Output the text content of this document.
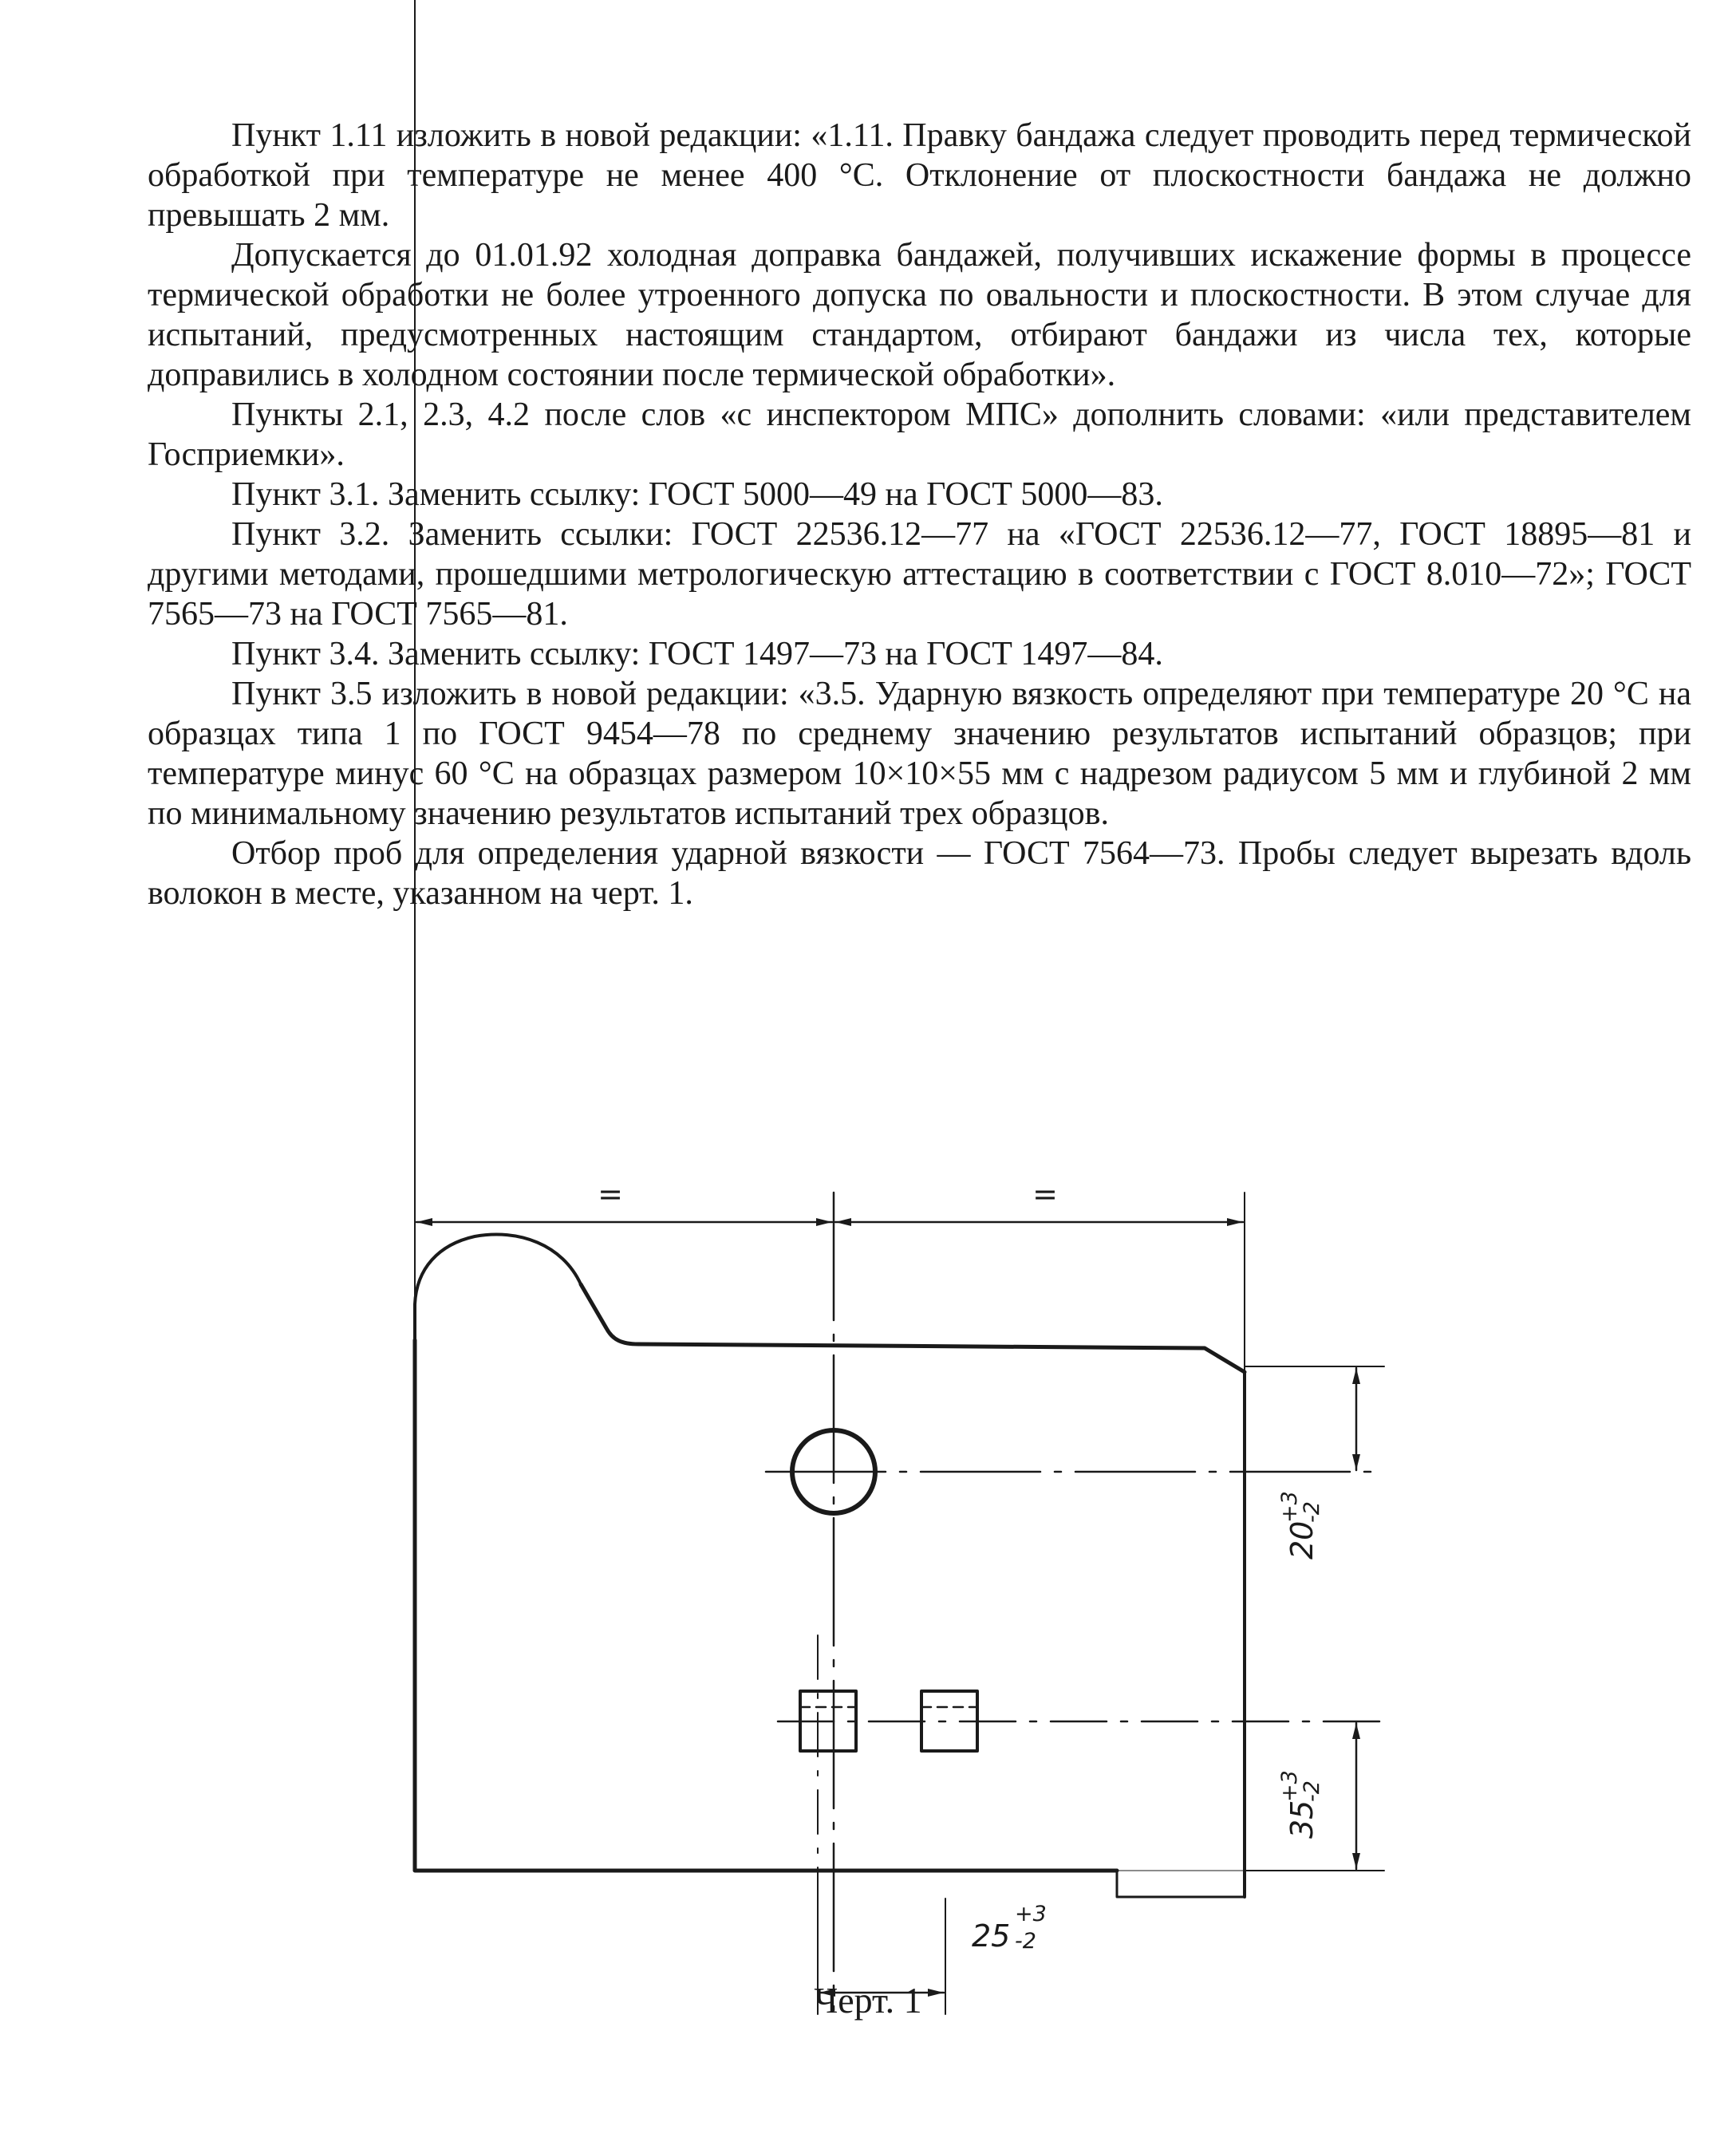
Пункт 1.11 изложить в новой редакции: «1.11. Правку бандажа следует проводить перед термической обработкой при температуре не менее 400 °С. Отклонение от плоскостности бандажа не должно превышать 2 мм.

Допускается до 01.01.92 холодная доправка бандажей, получивших искажение формы в процессе термической обработки не более утроенного допуска по овальности и плоскостности. В этом случае для испытаний, предусмотренных настоящим стандартом, отбирают бандажи из числа тех, которые доправились в холодном состоянии после термической обработки».

Пункты 2.1, 2.3, 4.2 после слов «с инспектором МПС» дополнить словами: «или представителем Госприемки».

Пункт 3.1. Заменить ссылку: ГОСТ 5000—49 на ГОСТ 5000—83.

Пункт 3.2. Заменить ссылки: ГОСТ 22536.12—77 на «ГОСТ 22536.12—77, ГОСТ 18895—81 и другими методами, прошедшими метрологическую аттестацию в соответствии с ГОСТ 8.010—72»; ГОСТ 7565—73 на ГОСТ 7565—81.

Пункт 3.4. Заменить ссылку: ГОСТ 1497—73 на ГОСТ 1497—84.

Пункт 3.5 изложить в новой редакции: «3.5. Ударную вязкость определяют при температуре 20 °С на образцах типа 1 по ГОСТ 9454—78 по среднему значению результатов испытаний образцов; при температуре минус 60 °С на образцах размером 10×10×55 мм с надрезом радиусом 5 мм и глубиной 2 мм по минимальному значению результатов испытаний трех образцов.

Отбор проб для определения ударной вязкости — ГОСТ 7564—73. Пробы следует вырезать вдоль волокон в месте, указанном на черт. 1.

=	=
20
+3
-2
35
+3
-2
25
+3
-2
Черт. 1
